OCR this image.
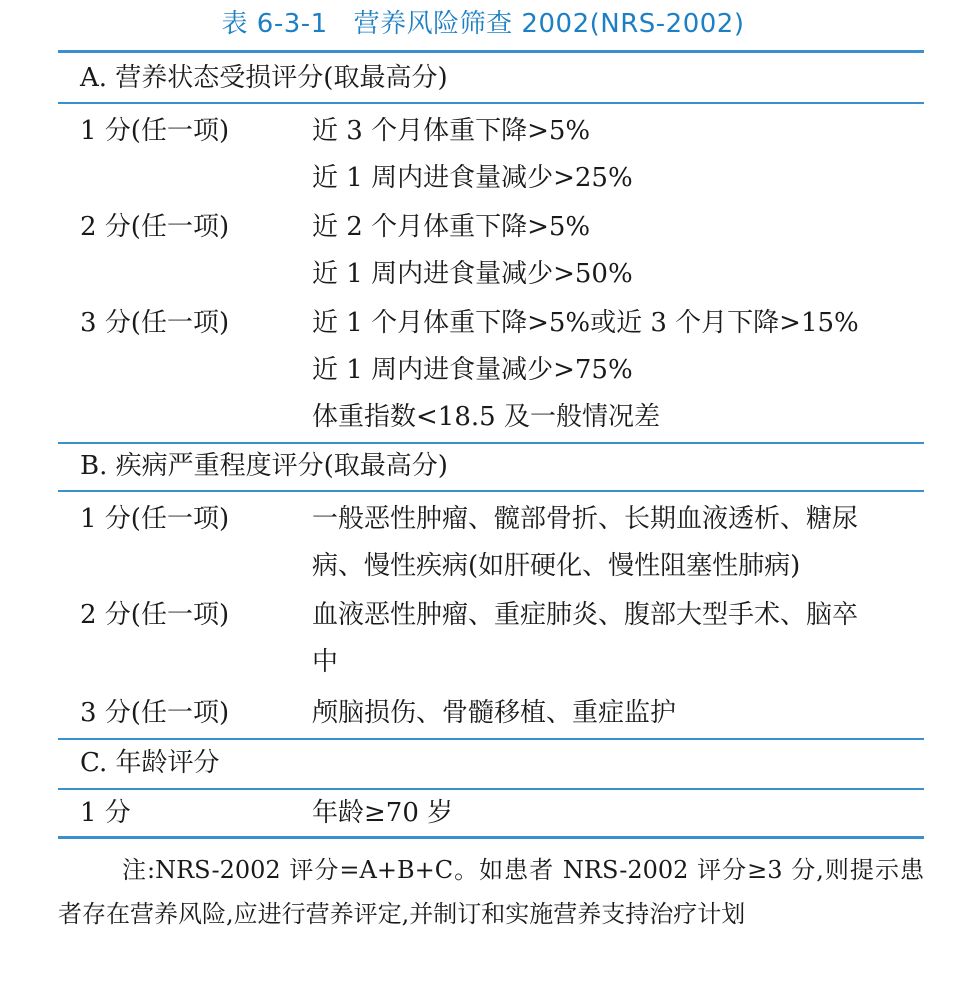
表 6-3-1 营养风险筛查 2002(NRS-2002)
A. 营养状态受损评分(取最高分)
1 分(任一项)	近 3 个月体重下降>5%
近 1 周内进食量减少>25%
2 分(任一项)	近 2 个月体重下降>5%
近 1 周内进食量减少>50%
3 分(任一项)	近 1 个月体重下降>5%或近 3 个月下降>15%
近 1 周内进食量减少>75%
体重指数<18.5 及一般情况差
B. 疾病严重程度评分(取最高分)
1 分(任一项)	一般恶性肿瘤、髋部骨折、长期血液透析、糖尿
病、慢性疾病(如肝硬化、慢性阻塞性肺病)
2 分(任一项)	血液恶性肿瘤、重症肺炎、腹部大型手术、脑卒
中
3 分(任一项)	颅脑损伤、骨髓移植、重症监护
C. 年龄评分
1 分	年龄≥70 岁
注:NRS-2002 评分=A+B+C。如患者 NRS-2002 评分≥3 分,则提示患者存在营养风险,应进行营养评定,并制订和实施营养支持治疗计划
